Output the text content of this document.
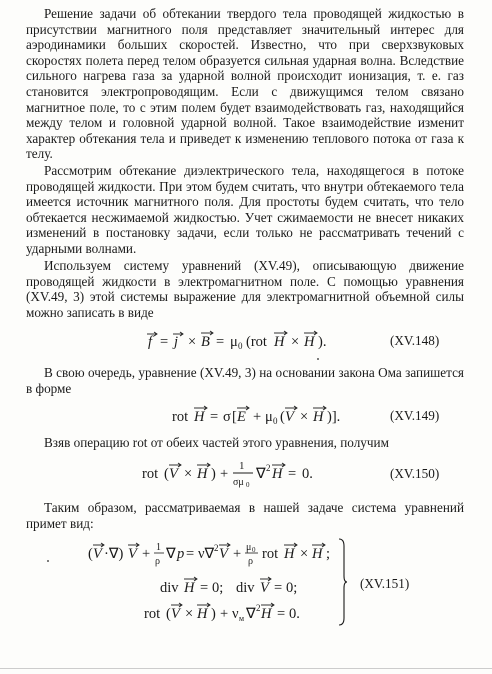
Решение задачи об обтекании твердого тела проводящей жидкостью в присутствии магнитного поля представляет значительный интерес для аэродинамики больших скоростей. Известно, что при сверхзвуковых скоростях полета перед телом образуется сильная ударная волна. Вследствие сильного нагрева газа за ударной волной происходит ионизация, т. е. газ становится электропроводящим. Если с движущимся телом связано магнитное поле, то с этим полем будет взаимодействовать газ, находящийся между телом и головной ударной волной. Такое взаимодействие изменит характер обтекания тела и приведет к изменению теплового потока от газа к телу.
Рассмотрим обтекание диэлектрического тела, находящегося в потоке проводящей жидкости. При этом будем считать, что внутри обтекаемого тела имеется источник магнитного поля. Для простоты будем считать, что тело обтекается несжимаемой жидкостью. Учет сжимаемости не внесет никаких изменений в постановку задачи, если только не рассматривать течений с ударными волнами.
Используем систему уравнений (XV.49), описывающую движение проводящей жидкости в электромагнитном поле. С помощью уравнения (XV.49, 3) этой системы выражение для электромагнитной объемной силы можно записать в виде
f = j × B = μ 0 (rot H × H ).	(XV.148)
В свою очередь, уравнение (XV.49, 3) на основании закона Ома запишется в форме
rot H = σ [ E + μ 0 ( V × H )].	(XV.149)
Взяв операцию rot от обеих частей этого уравнения, получим
rot ( V × H ) + 1
σμ 0
∇ 2 H = 0.	(XV.150)
Таким образом, рассматриваемая в нашей задаче система уравнений примет вид:
( V ·∇) V + 1
ρ ∇ p = ν∇ 2 V + μ 0
ρ rot H × H ;
div H = 0; div V = 0;
rot ( V × H ) + ν м ∇ 2 H = 0.
(XV.151)
